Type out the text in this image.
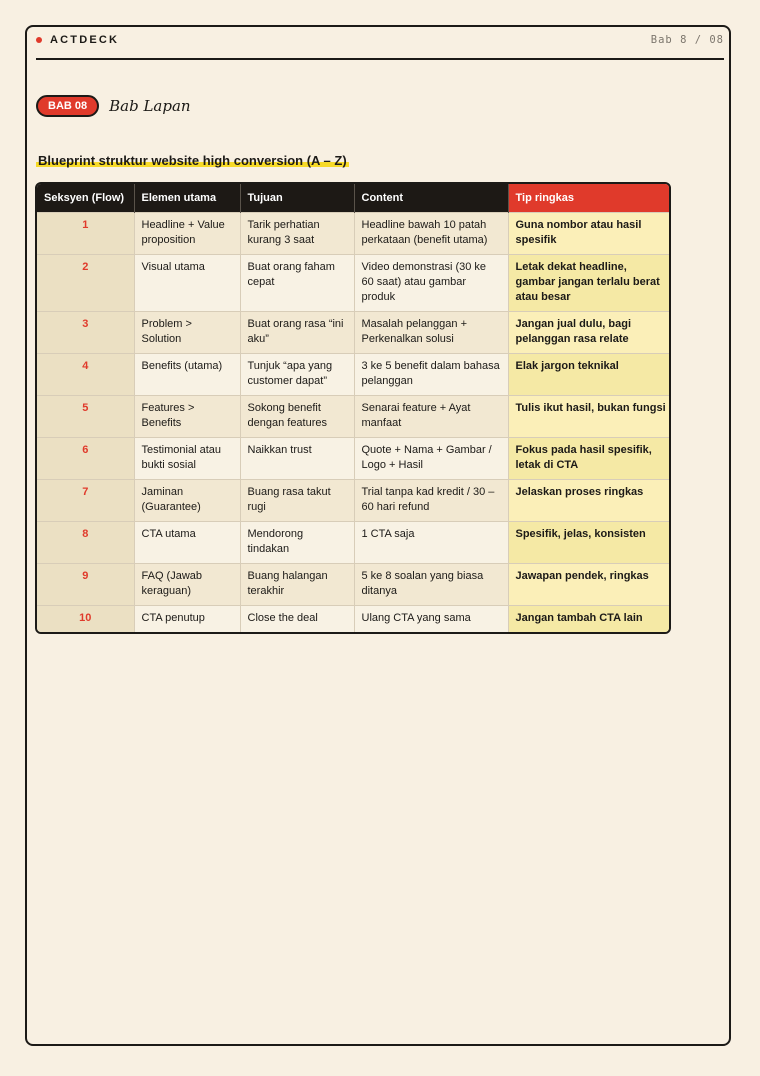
ACTDECK	Bab 8 / 08
BAB 08	Bab Lapan
Blueprint struktur website high conversion (A – Z)
Seksyen (Flow)	Elemen utama	Tujuan	Content	Tip ringkas
1	Headline + Value proposition	Tarik perhatian kurang 3 saat	Headline bawah 10 patah perkataan (benefit utama)	Guna nombor atau hasil spesifik
2	Visual utama	Buat orang faham cepat	Video demonstrasi (30 ke 60 saat) atau gambar produk	Letak dekat headline, gambar jangan terlalu berat atau besar
3	Problem > Solution	Buat orang rasa “ini aku”	Masalah pelanggan + Perkenalkan solusi	Jangan jual dulu, bagi pelanggan rasa relate
4	Benefits (utama)	Tunjuk “apa yang customer dapat”	3 ke 5 benefit dalam bahasa pelanggan	Elak jargon teknikal
5	Features > Benefits	Sokong benefit dengan features	Senarai feature + Ayat manfaat	Tulis ikut hasil, bukan fungsi
6	Testimonial atau bukti sosial	Naikkan trust	Quote + Nama + Gambar / Logo + Hasil	Fokus pada hasil spesifik, letak di CTA
7	Jaminan (Guarantee)	Buang rasa takut rugi	Trial tanpa kad kredit / 30 – 60 hari refund	Jelaskan proses ringkas
8	CTA utama	Mendorong tindakan	1 CTA saja	Spesifik, jelas, konsisten
9	FAQ (Jawab keraguan)	Buang halangan terakhir	5 ke 8 soalan yang biasa ditanya	Jawapan pendek, ringkas
10	CTA penutup	Close the deal	Ulang CTA yang sama	Jangan tambah CTA lain
